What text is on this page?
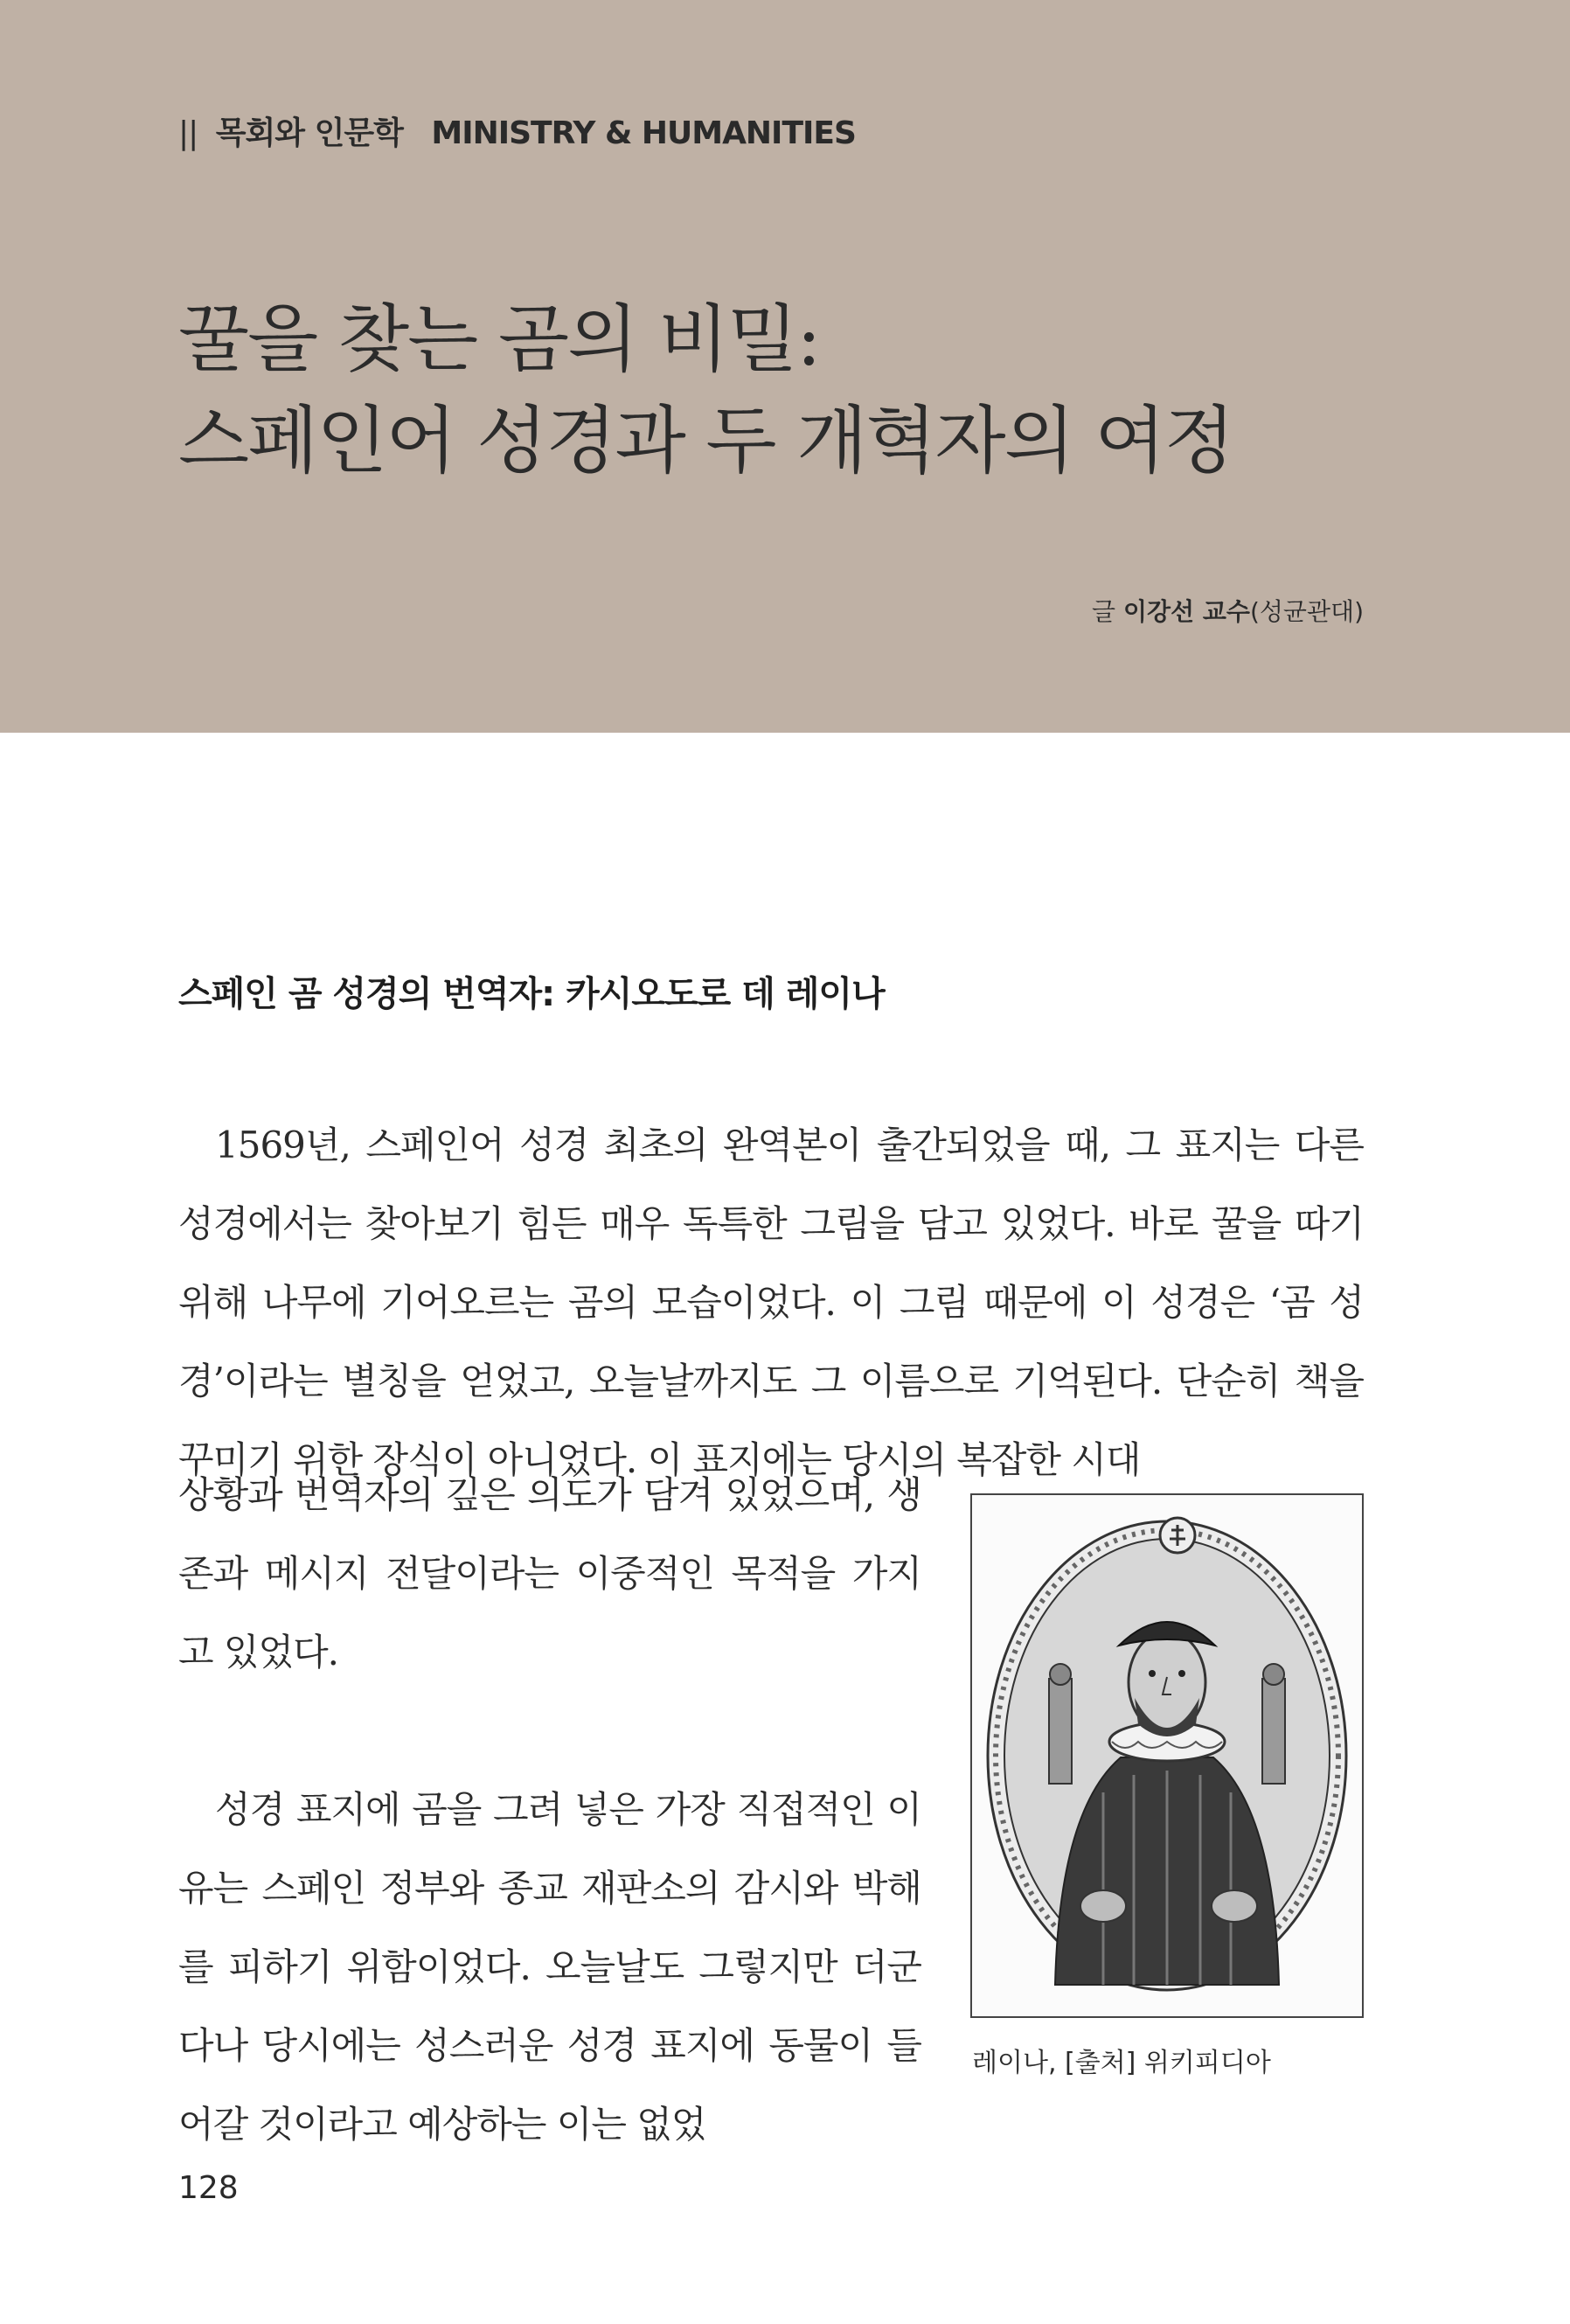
|| 목회와 인문학 MINISTRY & HUMANITIES
꿀을 찾는 곰의 비밀:
스페인어 성경과 두 개혁자의 여정
글 이강선 교수(성균관대)
스페인 곰 성경의 번역자: 카시오도로 데 레이나

1569년, 스페인어 성경 최초의 완역본이 출간되었을 때, 그 표지는 다른 성경에서는 찾아보기 힘든 매우 독특한 그림을 담고 있었다. 바로 꿀을 따기 위해 나무에 기어오르는 곰의 모습이었다. 이 그림 때문에 이 성경은 ‘곰 성경’이라는 별칭을 얻었고, 오늘날까지도 그 이름으로 기억된다. 단순히 책을 꾸미기 위한 장식이 아니었다. 이 표지에는 당시의 복잡한 시대

상황과 번역자의 깊은 의도가 담겨 있었으며, 생존과 메시지 전달이라는 이중적인 목적을 가지고 있었다.

성경 표지에 곰을 그려 넣은 가장 직접적인 이유는 스페인 정부와 종교 재판소의 감시와 박해를 피하기 위함이었다. 오늘날도 그렇지만 더군다나 당시에는 성스러운 성경 표지에 동물이 들어갈 것이라고 예상하는 이는 없었

레이나, [출처] 위키피디아
128
